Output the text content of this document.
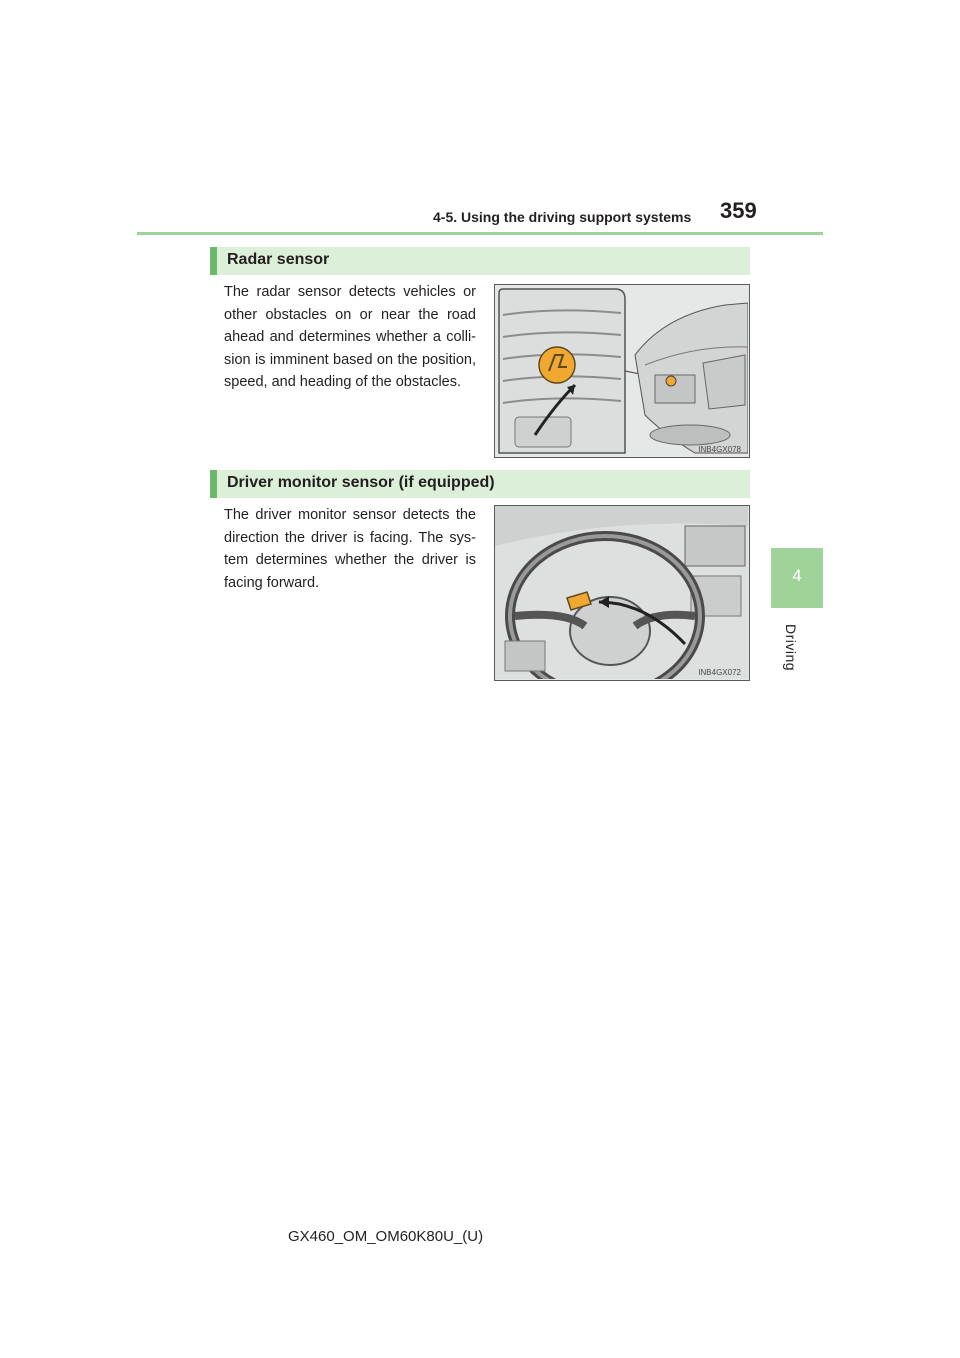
4-5. Using the driving support systems 359
4
Driving
Radar sensor
The radar sensor detects vehicles or other obstacles on or near the road ahead and determines whether a colli-sion is imminent based on the position, speed, and heading of the obstacles.
INB4GX078
Driver monitor sensor (if equipped)
The driver monitor sensor detects the direction the driver is facing. The sys-tem determines whether the driver is facing forward.
INB4GX072
GX460_OM_OM60K80U_(U)
